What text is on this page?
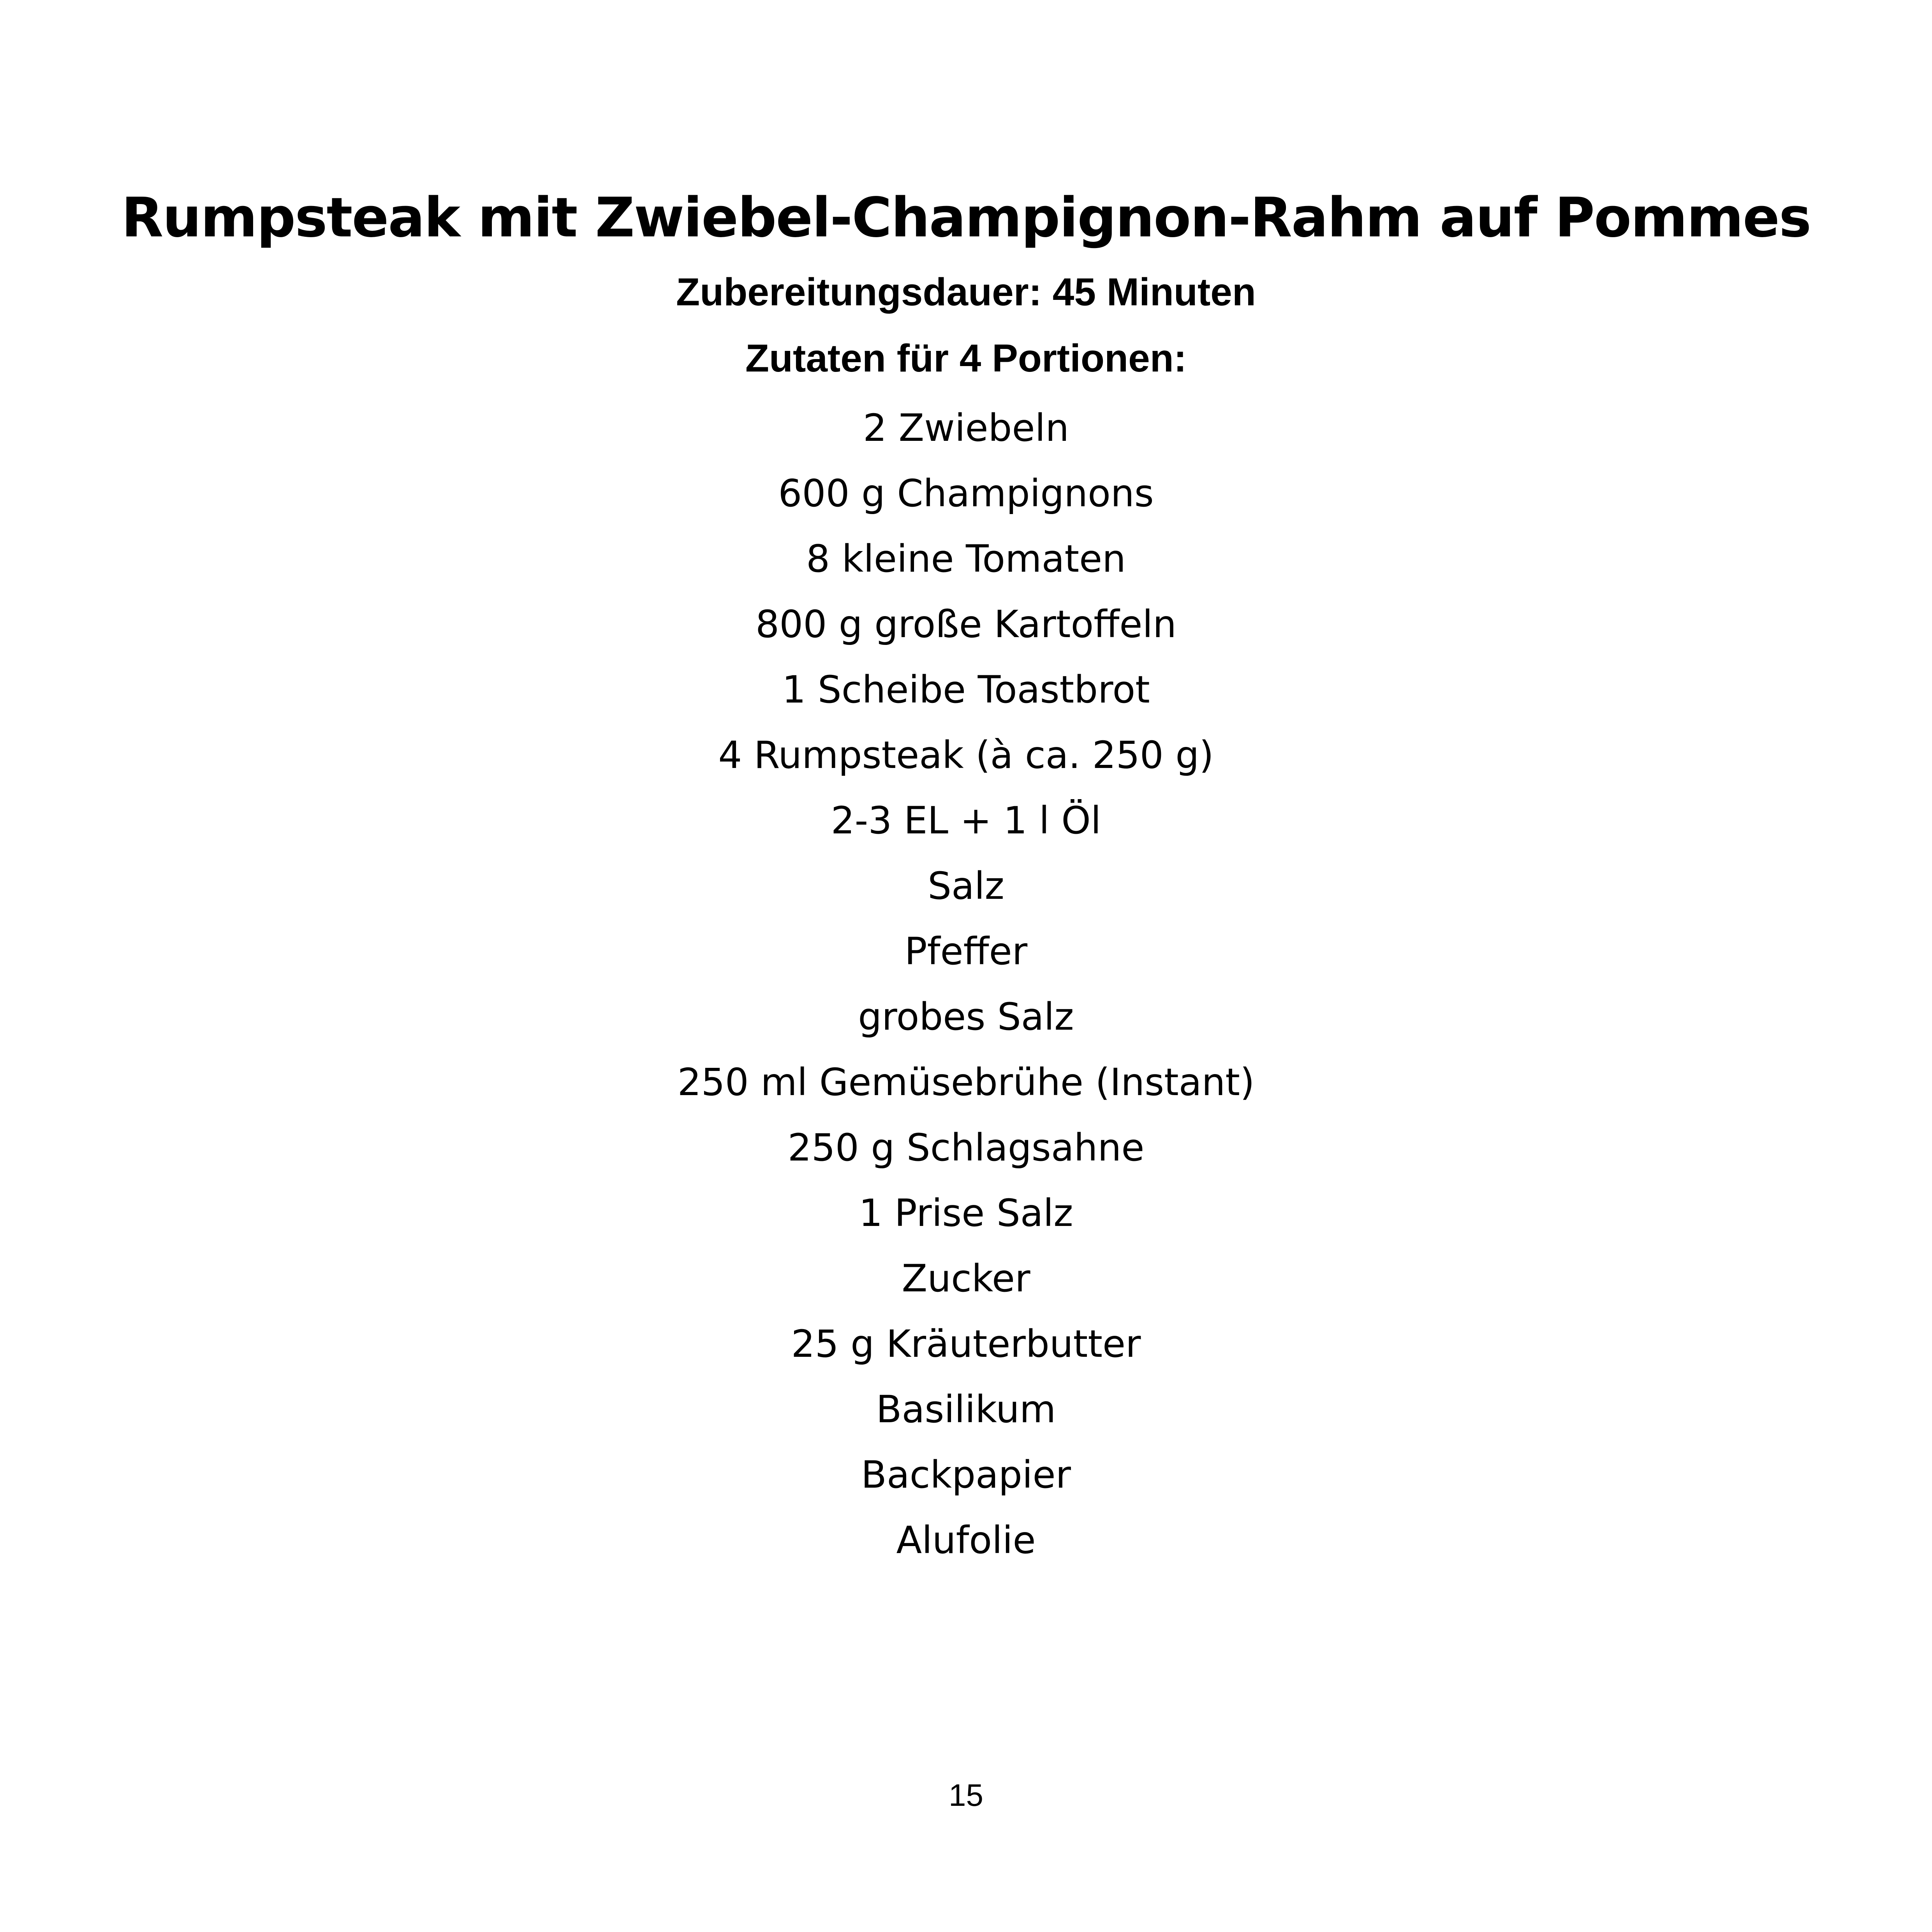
Rumpsteak mit Zwiebel-Champignon-Rahm auf Pommes
Zubereitungsdauer: 45 Minuten
Zutaten für 4 Portionen:
2 Zwiebeln
600 g Champignons
8 kleine Tomaten
800 g große Kartoffeln
1 Scheibe Toastbrot
4 Rumpsteak (à ca. 250 g)
2-3 EL + 1 l Öl
Salz
Pfeffer
grobes Salz
250 ml Gemüsebrühe (Instant)
250 g Schlagsahne
1 Prise Salz
Zucker
25 g Kräuterbutter
Basilikum
Backpapier
Alufolie
15
